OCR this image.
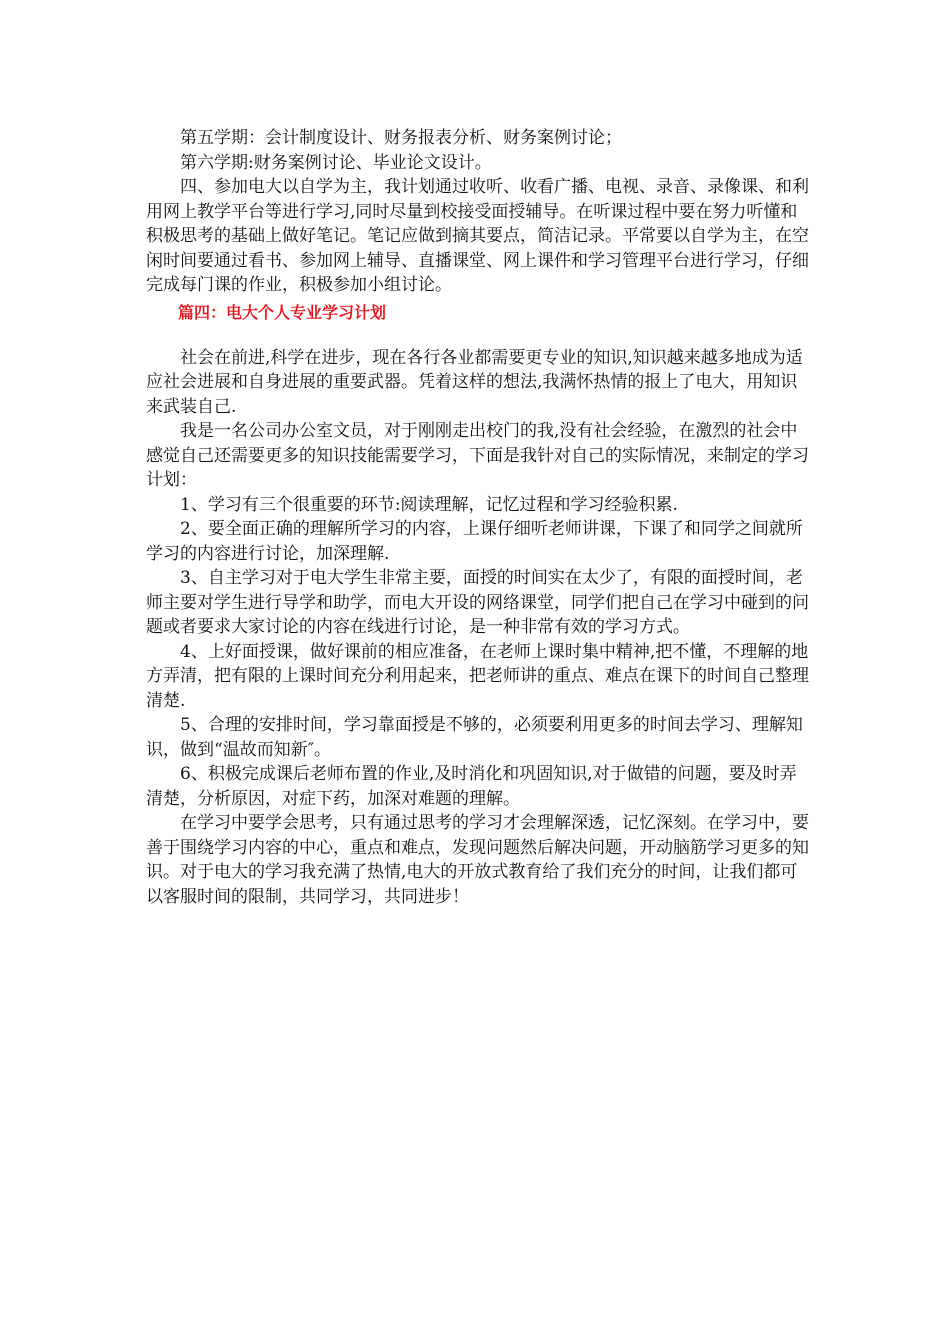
第五学期：会计制度设计、财务报表分析、财务案例讨论；

第六学期:财务案例讨论、毕业论文设计。

四、参加电大以自学为主，我计划通过收听、收看广播、电视、录音、录像课、和利用网上教学平台等进行学习,同时尽量到校接受面授辅导。在听课过程中要在努力听懂和积极思考的基础上做好笔记。笔记应做到摘其要点，简洁记录。平常要以自学为主，在空闲时间要通过看书、参加网上辅导、直播课堂、网上课件和学习管理平台进行学习，仔细完成每门课的作业，积极参加小组讨论。

篇四：电大个人专业学习计划

社会在前进,科学在进步，现在各行各业都需要更专业的知识,知识越来越多地成为适应社会进展和自身进展的重要武器。凭着这样的想法,我满怀热情的报上了电大，用知识来武装自己.

我是一名公司办公室文员，对于刚刚走出校门的我,没有社会经验，在激烈的社会中感觉自己还需要更多的知识技能需要学习，下面是我针对自己的实际情况，来制定的学习计划：

1、学习有三个很重要的环节:阅读理解，记忆过程和学习经验积累.

2、要全面正确的理解所学习的内容，上课仔细听老师讲课，下课了和同学之间就所学习的内容进行讨论，加深理解.

3、自主学习对于电大学生非常主要，面授的时间实在太少了，有限的面授时间，老师主要对学生进行导学和助学，而电大开设的网络课堂，同学们把自己在学习中碰到的问题或者要求大家讨论的内容在线进行讨论，是一种非常有效的学习方式。

4、上好面授课，做好课前的相应准备，在老师上课时集中精神,把不懂，不理解的地方弄清，把有限的上课时间充分利用起来，把老师讲的重点、难点在课下的时间自己整理清楚.

5、合理的安排时间，学习靠面授是不够的，必须要利用更多的时间去学习、理解知识，做到“温故而知新″。

6、积极完成课后老师布置的作业,及时消化和巩固知识,对于做错的问题，要及时弄清楚，分析原因，对症下药，加深对难题的理解。

在学习中要学会思考，只有通过思考的学习才会理解深透，记忆深刻。在学习中，要善于围绕学习内容的中心，重点和难点，发现问题然后解决问题，开动脑筋学习更多的知识。对于电大的学习我充满了热情,电大的开放式教育给了我们充分的时间，让我们都可以客服时间的限制，共同学习，共同进步！
